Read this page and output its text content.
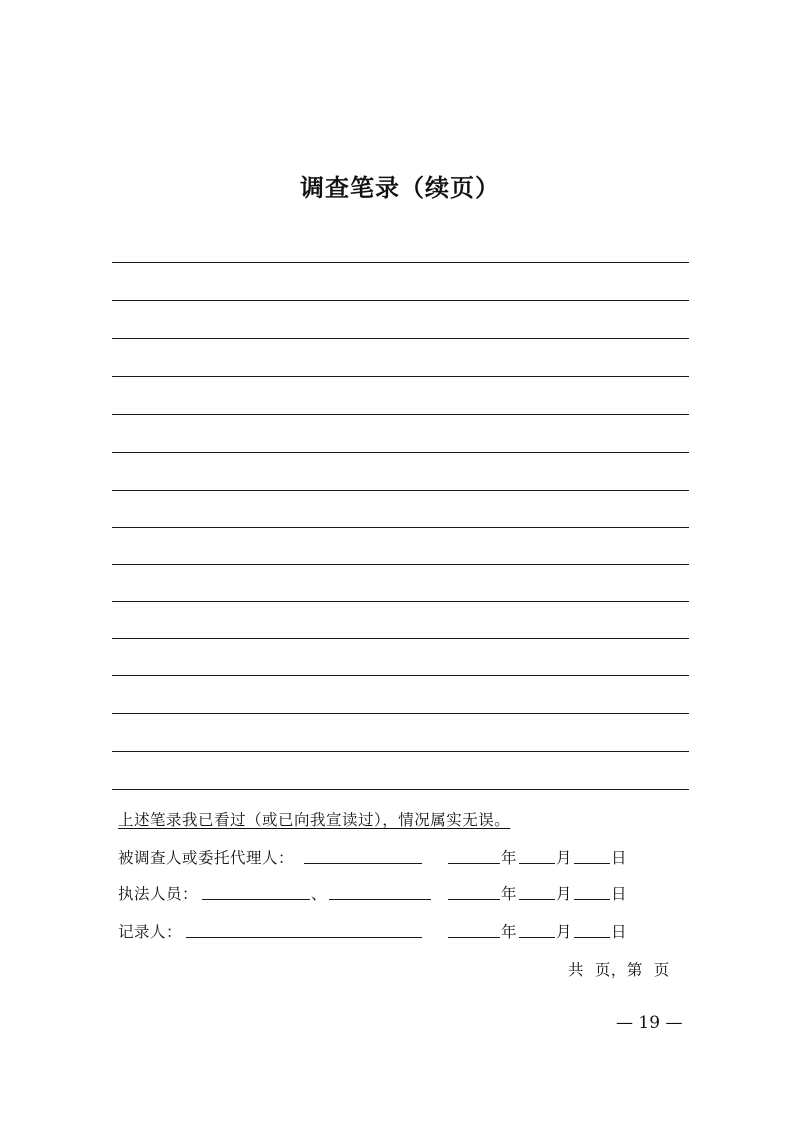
调查笔录（续页）
上述笔录我已看过（或已向我宣读过），情况属实无误。
被调查人或委托代理人：	年	月	日
执法人员：	、	年	月	日
记录人：	年	月	日
共  页，第  页
— 19 —
